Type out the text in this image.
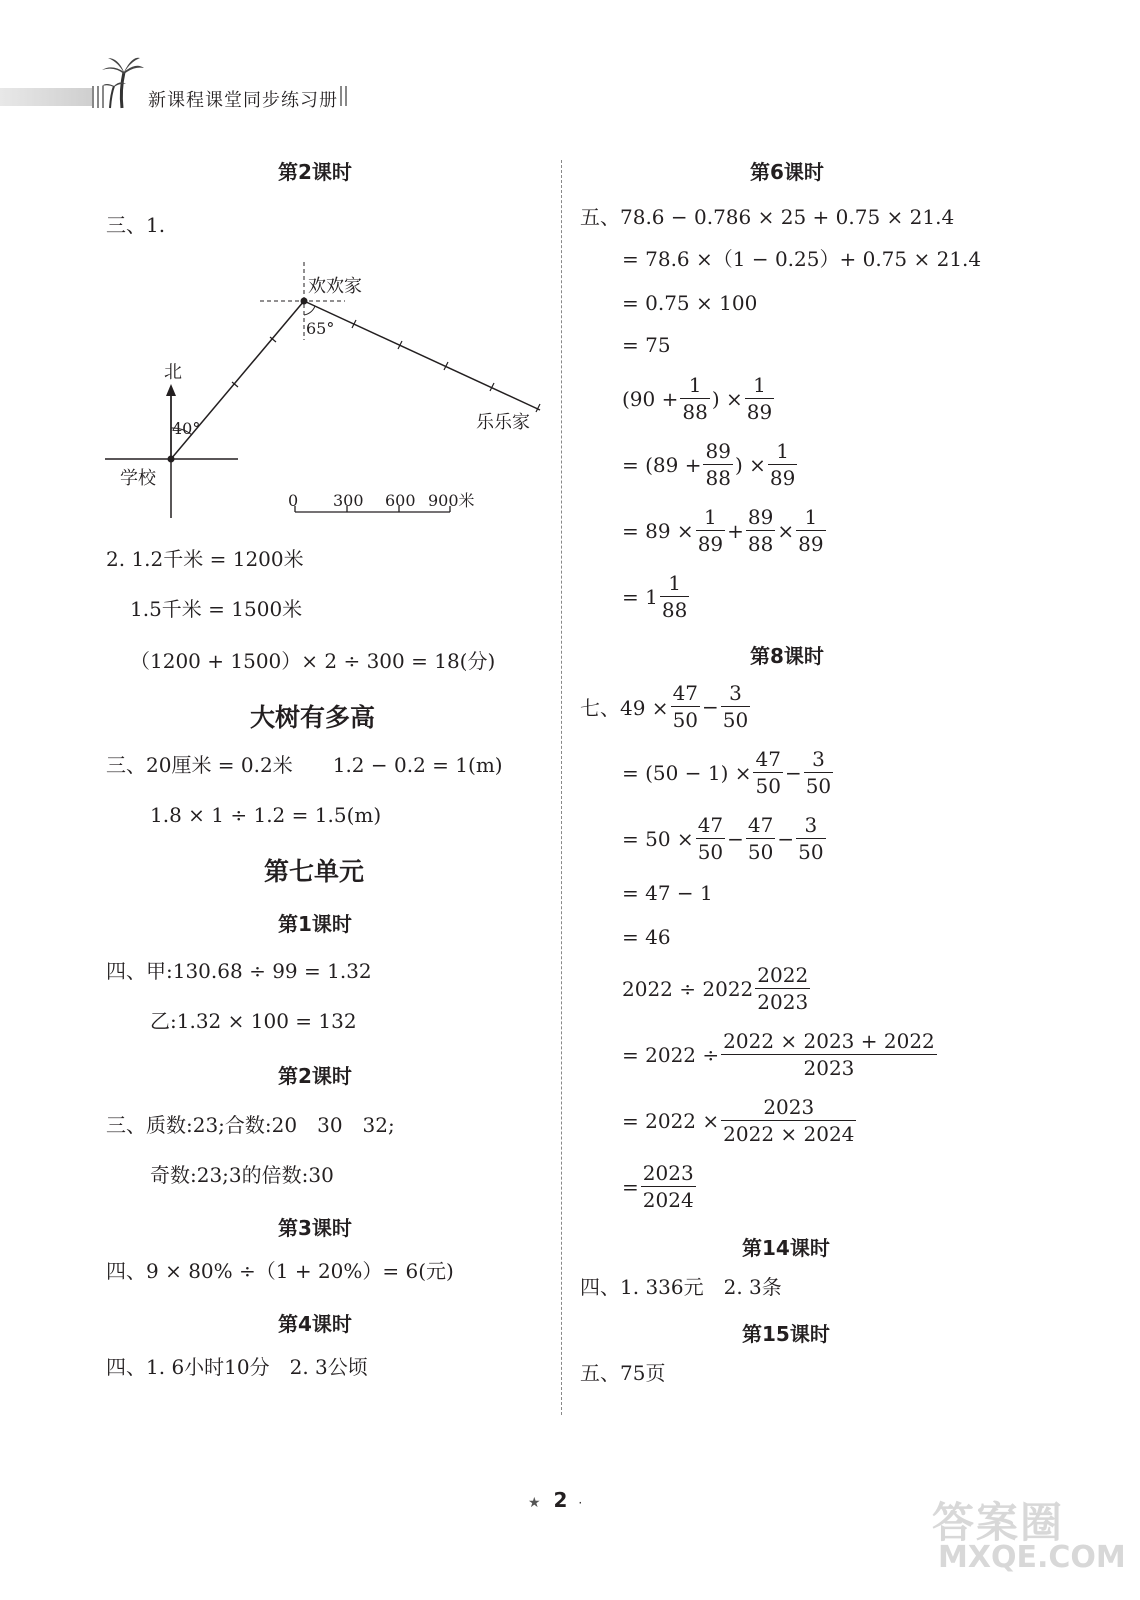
新课程课堂同步练习册
第2课时
三、1.
北
学校
欢欢家
乐乐家
40°
65°
0 300 600 900米
2. 1.2千米 = 1200米
1.5千米 = 1500米
（1200 + 1500）× 2 ÷ 300 = 18(分)
大树有多高
三、20厘米 = 0.2米　　1.2 − 0.2 = 1(m)
1.8 × 1 ÷ 1.2 = 1.5(m)
第七单元
第1课时
四、甲:130.68 ÷ 99 = 1.32
乙:1.32 × 100 = 132
第2课时
三、质数:23;合数:20　30　32;
奇数:23;3的倍数:30
第3课时
四、9 × 80% ÷（1 + 20%）= 6(元)
第4课时
四、1. 6小时10分　2. 3公顷
第6课时
五、78.6 − 0.786 × 25 + 0.75 × 21.4
= 78.6 ×（1 − 0.25）+ 0.75 × 21.4
= 0.75 × 100
= 75
($90 + \frac{1}{88}$ ) × $\frac{1}{89}$
= ($89 + \frac{89}{88}$ ) × $\frac{1}{89}$
= $89 \times \frac{1}{89} + \frac{89}{88} \times \frac{1}{89}$
= $1 \frac{1}{88}$
第8课时
七、$49 \times \frac{47}{50} - \frac{3}{50}$
= $(50 - 1) \times \frac{47}{50} - \frac{3}{50}$
= $50 \times \frac{47}{50} - \frac{47}{50} - \frac{3}{50}$
= 47 − 1
= 46
$2022 \div 2022 \frac{2022}{2023}$
= $2022 \div \frac{2022 \times 2023 + 2022}{2023}$
= $2022 \times \frac{2023}{2022 \times 2024}$
= $\frac{2023}{2024}$
第14课时
四、1. 336元　2. 3条
第15课时
五、75页
★ 2 ·	答案圈
MXQE.COM
